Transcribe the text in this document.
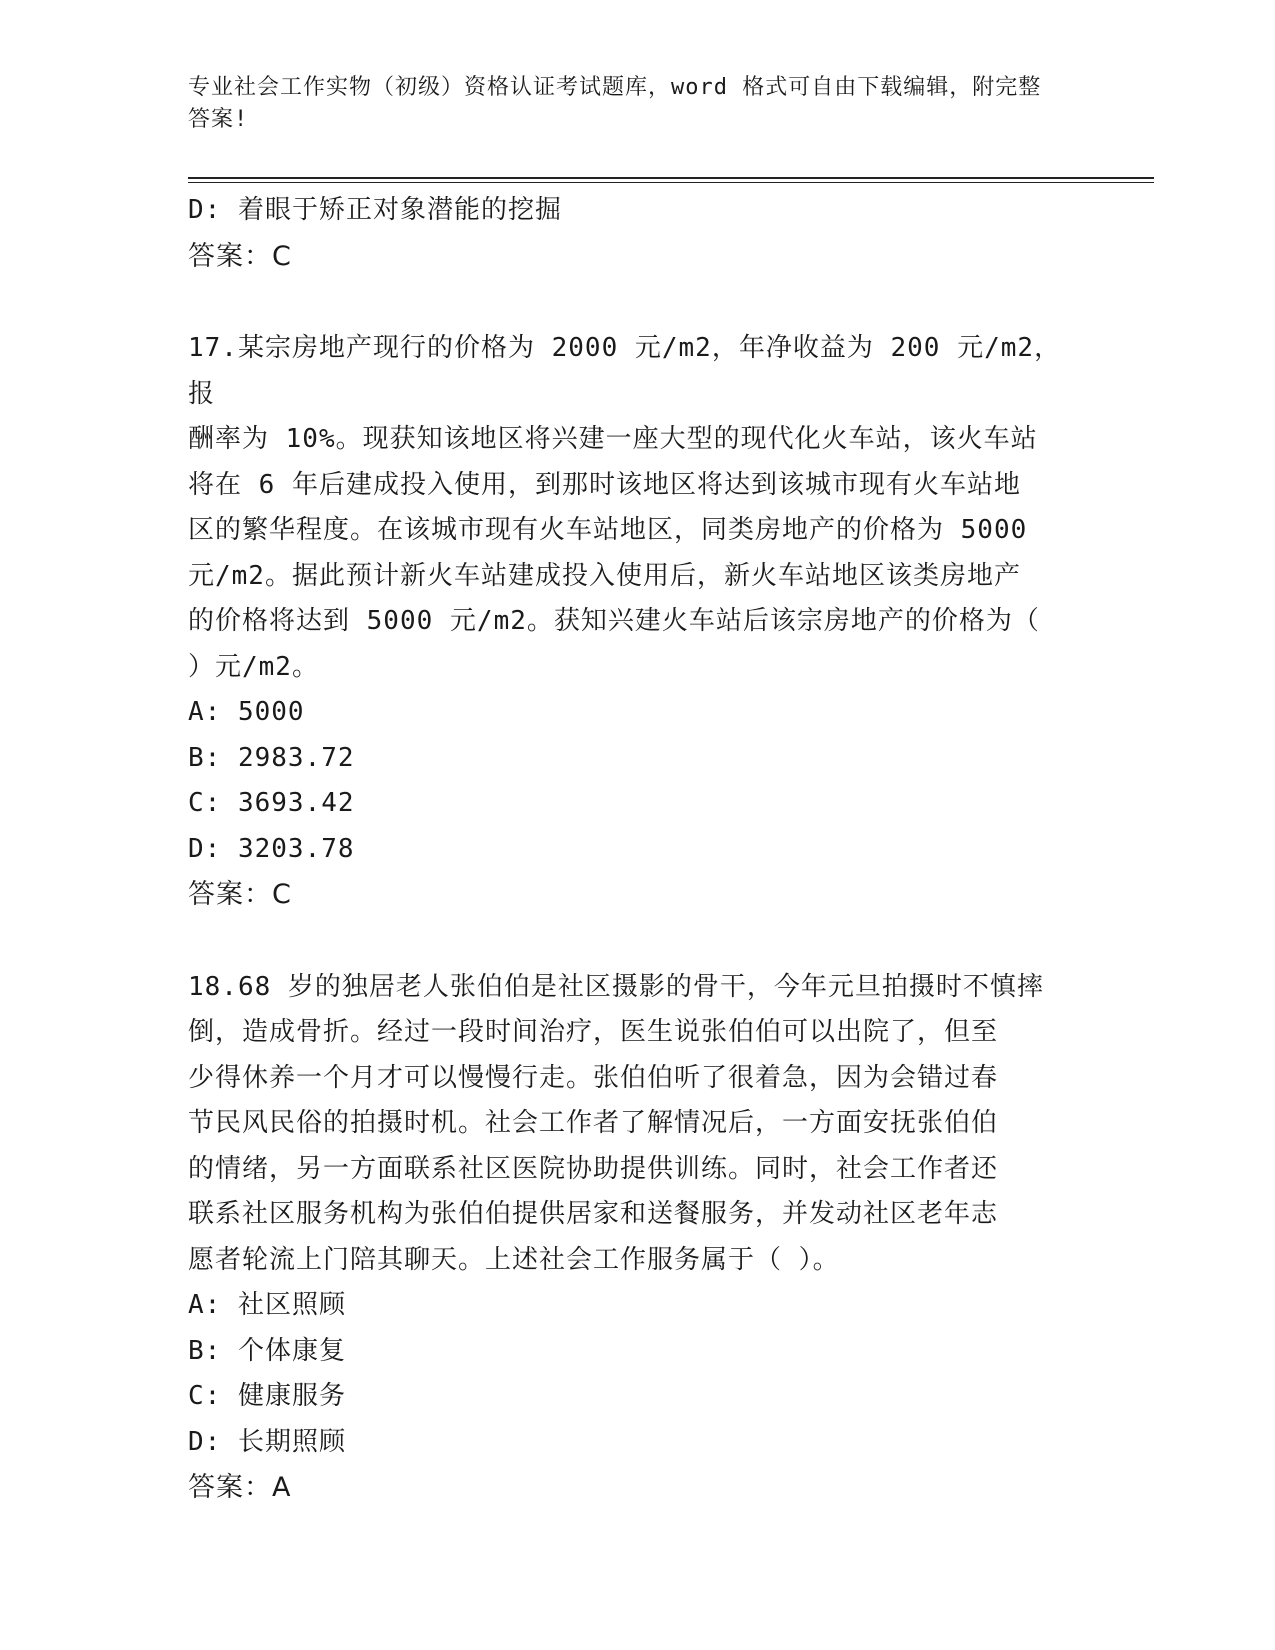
专业社会工作实物（初级）资格认证考试题库，word 格式可自由下载编辑，附完整答案!
D: 着眼于矫正对象潜能的挖掘
答案：C
17.某宗房地产现行的价格为 2000 元/m2，年净收益为 200 元/m2，报
酬率为 10%。现获知该地区将兴建一座大型的现代化火车站，该火车站
将在 6 年后建成投入使用，到那时该地区将达到该城市现有火车站地
区的繁华程度。在该城市现有火车站地区，同类房地产的价格为 5000
元/m2。据此预计新火车站建成投入使用后，新火车站地区该类房地产
的价格将达到 5000 元/m2。获知兴建火车站后该宗房地产的价格为（
）元/m2。
A: 5000
B: 2983.72
C: 3693.42
D: 3203.78
答案：C
18.68 岁的独居老人张伯伯是社区摄影的骨干，今年元旦拍摄时不慎摔
倒，造成骨折。经过一段时间治疗，医生说张伯伯可以出院了，但至
少得休养一个月才可以慢慢行走。张伯伯听了很着急，因为会错过春
节民风民俗的拍摄时机。社会工作者了解情况后，一方面安抚张伯伯
的情绪，另一方面联系社区医院协助提供训练。同时，社会工作者还
联系社区服务机构为张伯伯提供居家和送餐服务，并发动社区老年志
愿者轮流上门陪其聊天。上述社会工作服务属于（ ）。
A: 社区照顾
B: 个体康复
C: 健康服务
D: 长期照顾
答案：A
